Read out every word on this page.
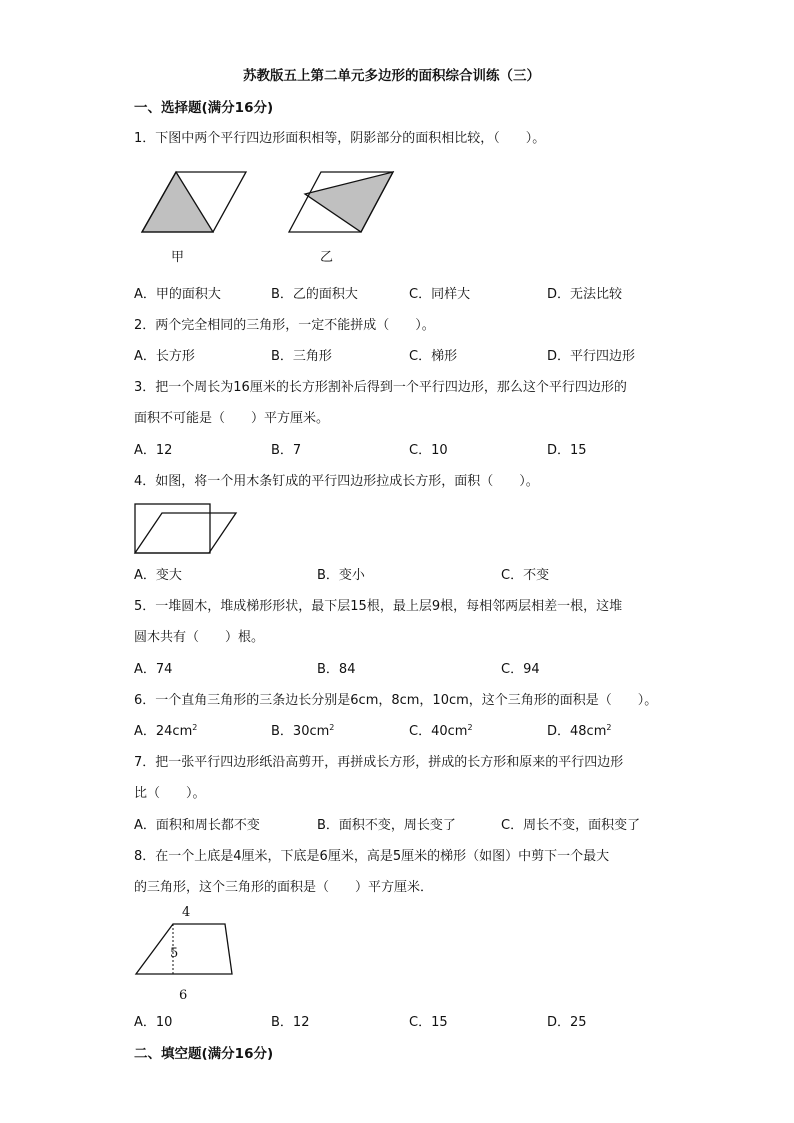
苏教版五上第二单元多边形的面积综合训练（三）
一、选择题(满分16分)
1．下图中两个平行四边形面积相等，阴影部分的面积相比较，（　　）。
甲	乙
A．甲的面积大	B．乙的面积大	C．同样大	D．无法比较
2．两个完全相同的三角形，一定不能拼成（　　）。
A．长方形	B．三角形	C．梯形	D．平行四边形
3．把一个周长为16厘米的长方形割补后得到一个平行四边形，那么这个平行四边形的
面积不可能是（　　）平方厘米。
A．12	B．7	C．10	D．15
4．如图，将一个用木条钉成的平行四边形拉成长方形，面积（　　）。
A．变大	B．变小	C．不变
5．一堆圆木，堆成梯形形状，最下层15根，最上层9根，每相邻两层相差一根，这堆
圆木共有（　　）根。
A．74	B．84	C．94
6．一个直角三角形的三条边长分别是6cm，8cm，10cm，这个三角形的面积是（　　）。
A．$24cm^2$	B．$30cm^2$	C．$40cm^2$	D．$48cm^2$
7．把一张平行四边形纸沿高剪开，再拼成长方形，拼成的长方形和原来的平行四边形
比（　　）。
A．面积和周长都不变	B．面积不变，周长变了	C．周长不变，面积变了
8．在一个上底是4厘米，下底是6厘米，高是5厘米的梯形（如图）中剪下一个最大
的三角形，这个三角形的面积是（　　）平方厘米．
4
5
6
A．10	B．12	C．15	D．25
二、填空题(满分16分)
